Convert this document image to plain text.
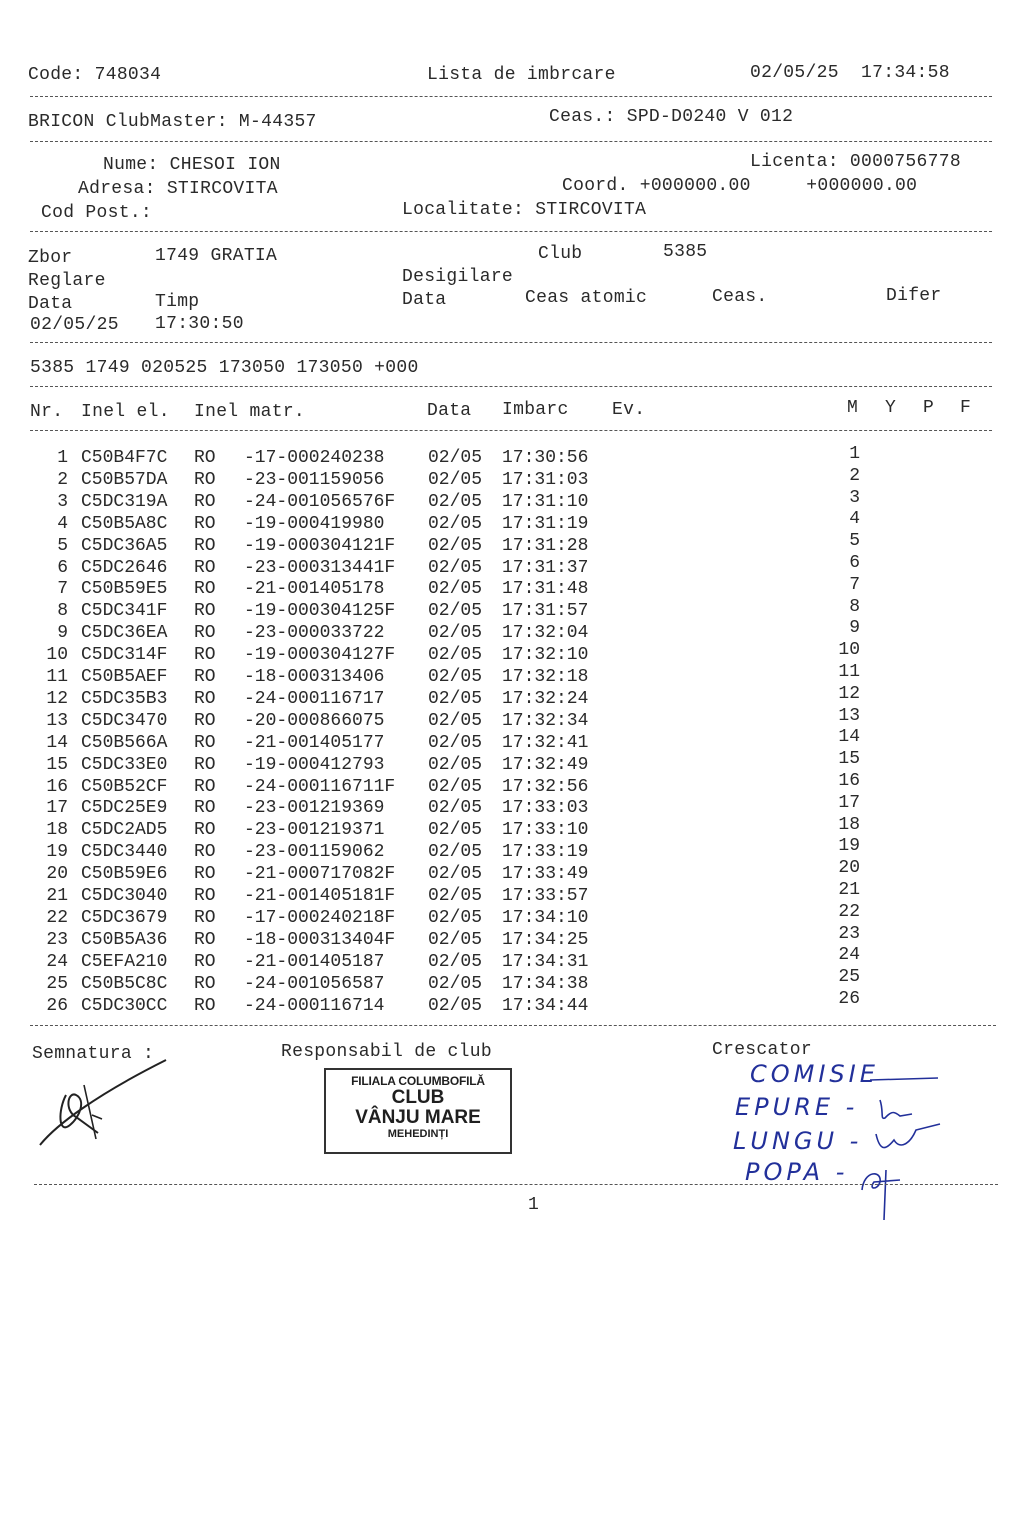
Code: 748034	Lista de imbrcare	02/05/25  17:34:58
BRICON ClubMaster: M-44357	Ceas.: SPD-D0240 V 012
Nume: CHESOI ION
Adresa: STIRCOVITA
Cod Post.:
Licenta: 0000756778
Coord. +000000.00     +000000.00
Localitate: STIRCOVITA
Zbor	1749 GRATIA	Club	5385
Reglare	Desigilare
Data	Timp	Data	Ceas atomic	Ceas.	Difer
02/05/25 17:30:50
5385 1749 020525 173050 173050 +000
Nr. Inel el. Inel matr.	Data Imbarc Ev.	M Y P F
1 C50B4F7C RO -17-000240238 02/05 17:30:56	1
2 C50B57DA RO -23-001159056 02/05 17:31:03	2
3 C5DC319A RO -24-001056576F 02/05 17:31:10	3
4 C50B5A8C RO -19-000419980 02/05 17:31:19	4
5 C5DC36A5 RO -19-000304121F 02/05 17:31:28	5
6 C5DC2646 RO -23-000313441F 02/05 17:31:37	6
7 C50B59E5 RO -21-001405178 02/05 17:31:48	7
8 C5DC341F RO -19-000304125F 02/05 17:31:57	8
9 C5DC36EA RO -23-000033722 02/05 17:32:04	9
10 C5DC314F RO -19-000304127F 02/05 17:32:10	10
11 C50B5AEF RO -18-000313406 02/05 17:32:18	11
12 C5DC35B3 RO -24-000116717 02/05 17:32:24	12
13 C5DC3470 RO -20-000866075 02/05 17:32:34	13
14 C50B566A RO -21-001405177 02/05 17:32:41	14
15 C5DC33E0 RO -19-000412793 02/05 17:32:49	15
16 C50B52CF RO -24-000116711F 02/05 17:32:56	16
17 C5DC25E9 RO -23-001219369 02/05 17:33:03	17
18 C5DC2AD5 RO -23-001219371 02/05 17:33:10	18
19 C5DC3440 RO -23-001159062 02/05 17:33:19	19
20 C50B59E6 RO -21-000717082F 02/05 17:33:49	20
21 C5DC3040 RO -21-001405181F 02/05 17:33:57	21
22 C5DC3679 RO -17-000240218F 02/05 17:34:10	22
23 C50B5A36 RO -18-000313404F 02/05 17:34:25	23
24 C5EFA210 RO -21-001405187 02/05 17:34:31	24
25 C50B5C8C RO -24-001056587 02/05 17:34:38	25
26 C5DC30CC RO -24-000116714 02/05 17:34:44	26
Semnatura :	Responsabil de club	Crescator
FILIALA COLUMBOFILĂ
CLUB
VÂNJU MARE
MEHEDINȚI
COMISIE
EPURE -
LUNGU -
POPA -
1
